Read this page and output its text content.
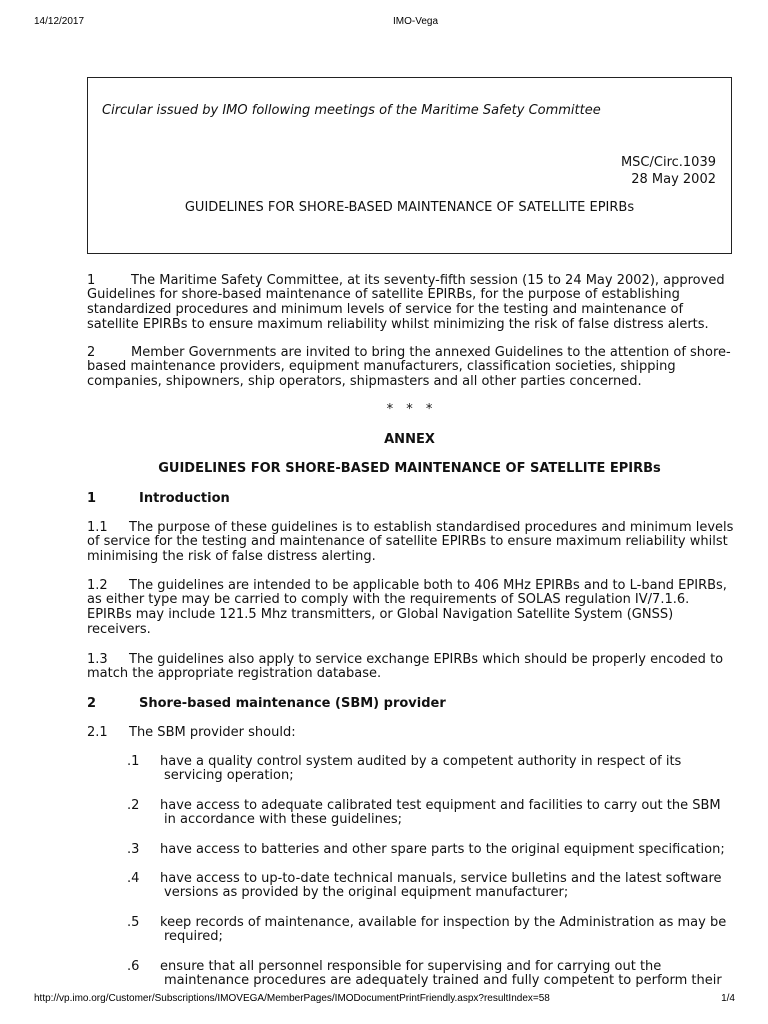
14/12/2017	IMO-Vega
Circular issued by IMO following meetings of the Maritime Safety Committee
MSC/Circ.1039
28 May 2002
GUIDELINES FOR SHORE-BASED MAINTENANCE OF SATELLITE EPIRBs
1	The Maritime Safety Committee, at its seventy-fifth session (15 to 24 May 2002), approved
Guidelines for shore-based maintenance of satellite EPIRBs, for the purpose of establishing
standardized procedures and minimum levels of service for the testing and maintenance of
satellite EPIRBs to ensure maximum reliability whilst minimizing the risk of false distress alerts.
2	Member Governments are invited to bring the annexed Guidelines to the attention of shore-
based maintenance providers, equipment manufacturers, classification societies, shipping
companies, shipowners, ship operators, shipmasters and all other parties concerned.
* * *
ANNEX
GUIDELINES FOR SHORE-BASED MAINTENANCE OF SATELLITE EPIRBs
1	Introduction
1.1 The purpose of these guidelines is to establish standardised procedures and minimum levels
of service for the testing and maintenance of satellite EPIRBs to ensure maximum reliability whilst
minimising the risk of false distress alerting.
1.2 The guidelines are intended to be applicable both to 406 MHz EPIRBs and to L-band EPIRBs,
as either type may be carried to comply with the requirements of SOLAS regulation IV/7.1.6.
EPIRBs may include 121.5 Mhz transmitters, or Global Navigation Satellite System (GNSS)
receivers.
1.3 The guidelines also apply to service exchange EPIRBs which should be properly encoded to
match the appropriate registration database.
2	Shore-based maintenance (SBM) provider
2.1 The SBM provider should:
.1 have a quality control system audited by a competent authority in respect of its
servicing operation;
.2 have access to adequate calibrated test equipment and facilities to carry out the SBM
in accordance with these guidelines;
.3 have access to batteries and other spare parts to the original equipment specification;
.4 have access to up-to-date technical manuals, service bulletins and the latest software
versions as provided by the original equipment manufacturer;
.5 keep records of maintenance, available for inspection by the Administration as may be
required;
.6 ensure that all personnel responsible for supervising and for carrying out the
maintenance procedures are adequately trained and fully competent to perform their
http://vp.imo.org/Customer/Subscriptions/IMOVEGA/MemberPages/IMODocumentPrintFriendly.aspx?resultIndex=58	1/4
